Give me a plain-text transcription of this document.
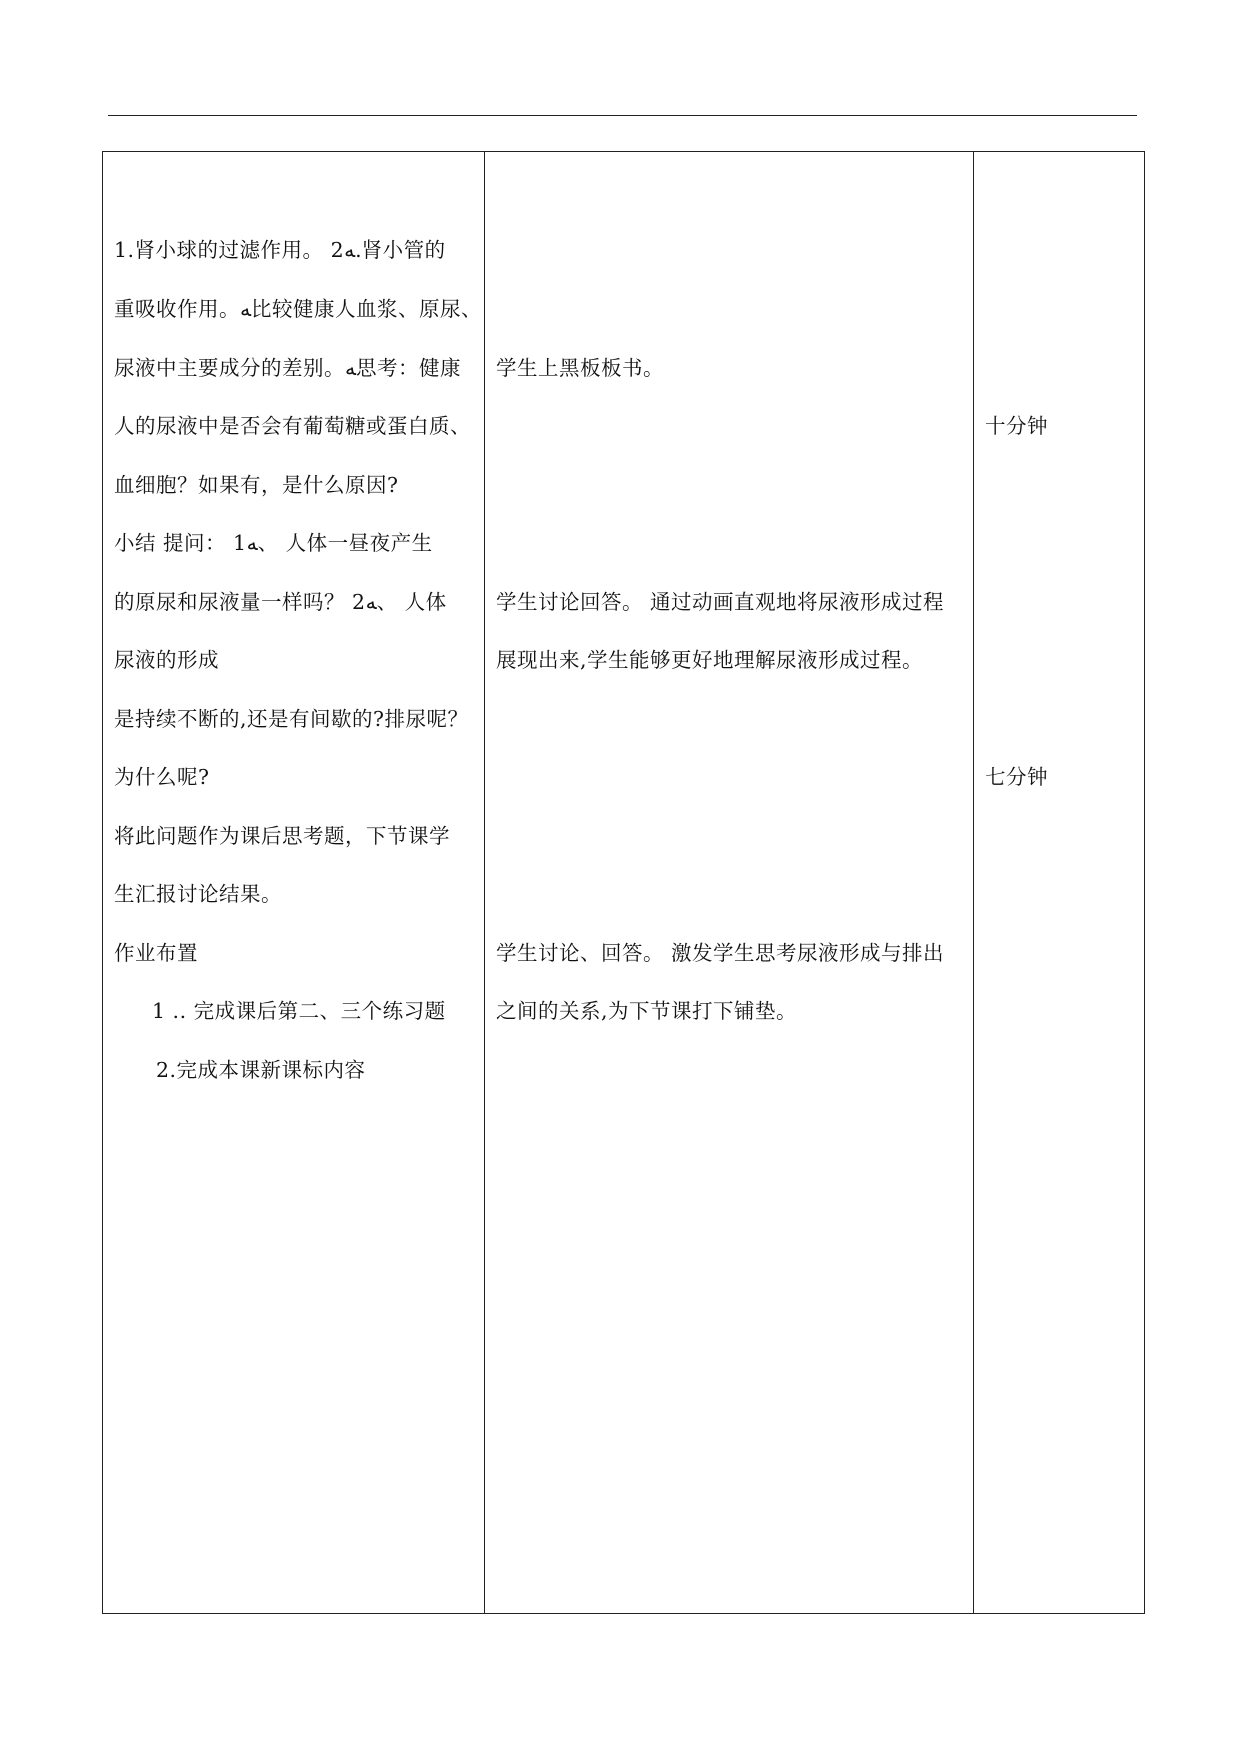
1.肾小球的过滤作用。 2ﻪ.肾小管的
重吸收作用。ﻪ比较健康人血浆、原尿、
尿液中主要成分的差别。ﻪ思考：健康
人的尿液中是否会有葡萄糖或蛋白质、
血细胞？如果有，是什么原因?
小结 提问： 1ﻪ、 人体一昼夜产生
的原尿和尿液量一样吗？ 2ﻪ、 人体
尿液的形成
是持续不断的,还是有间歇的?排尿呢？
为什么呢?
将此问题作为课后思考题，下节课学
生汇报讨论结果。
作业布置
1 .. 完成课后第二、三个练习题
2.完成本课新课标内容
学生上黑板板书。
学生讨论回答。 通过动画直观地将尿液形成过程
展现出来,学生能够更好地理解尿液形成过程。
学生讨论、回答。 激发学生思考尿液形成与排出
之间的关系,为下节课打下铺垫。
十分钟
七分钟
